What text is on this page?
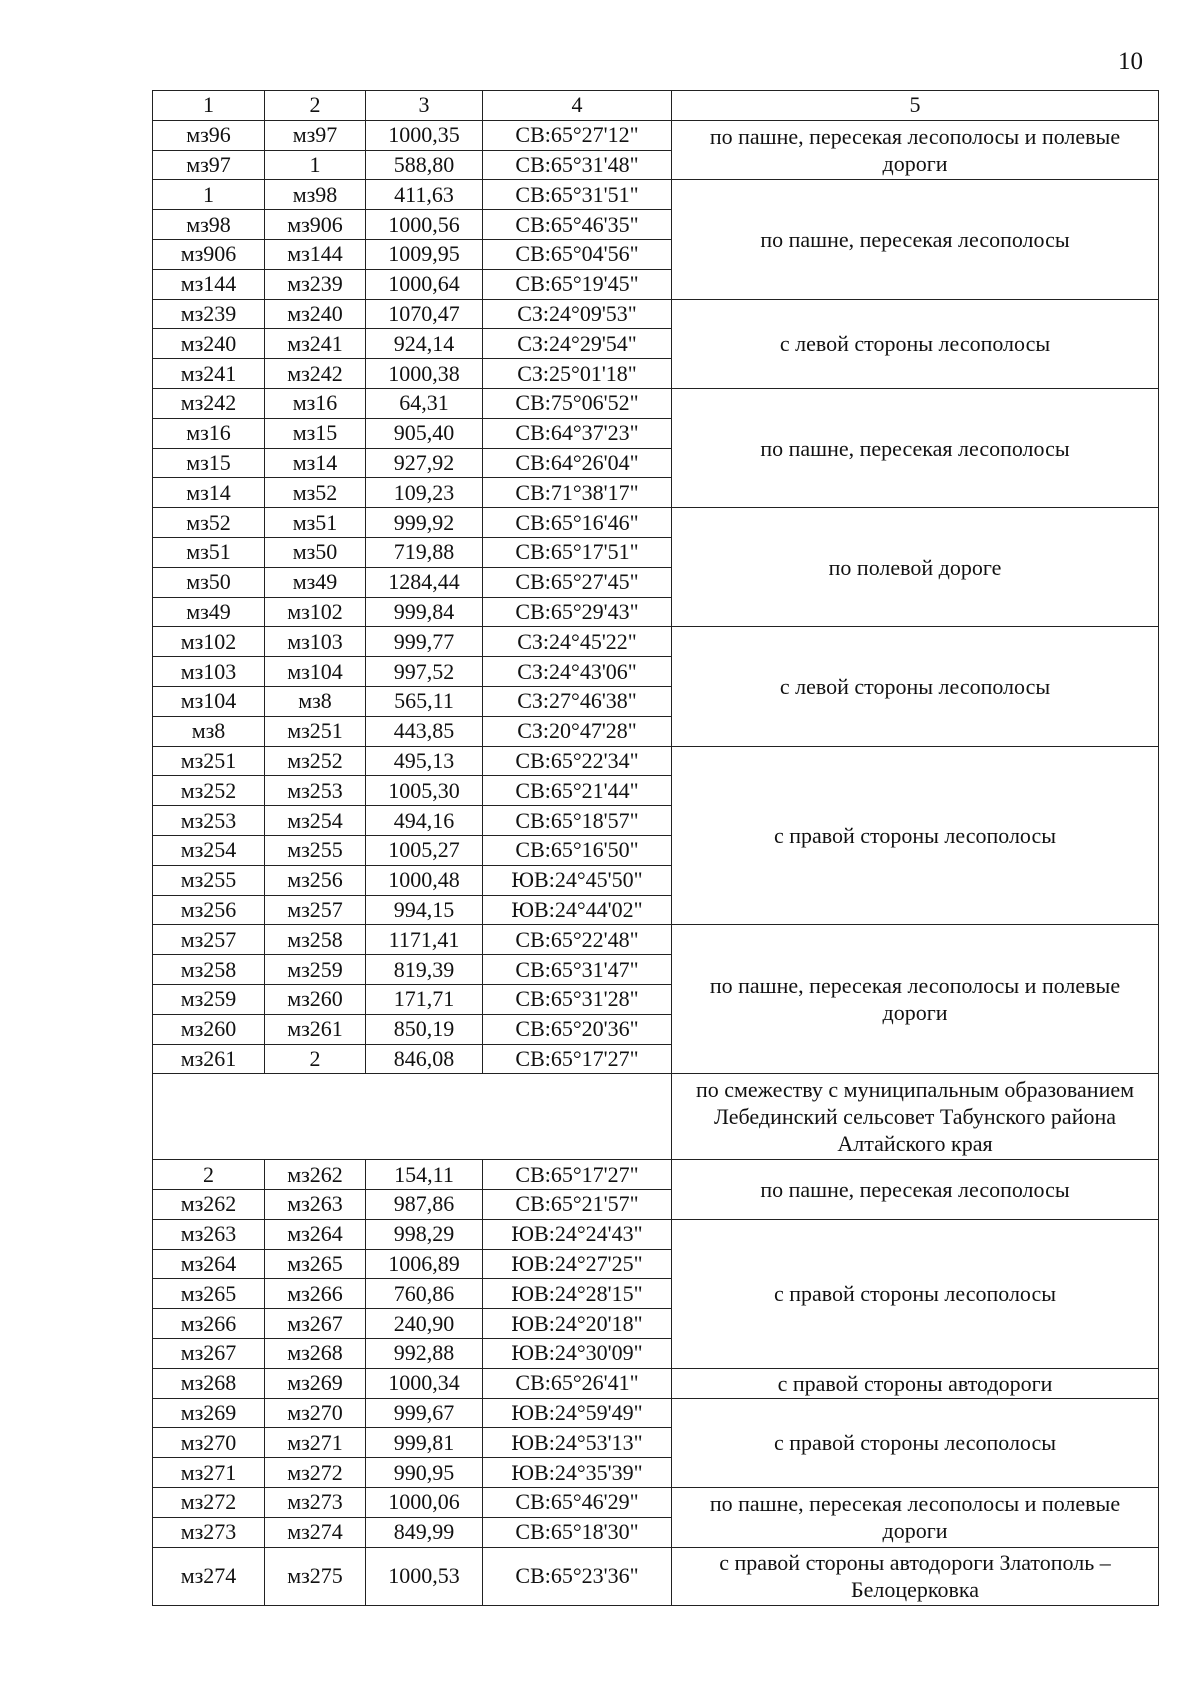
10
1	2	3	4	5
мз96	мз97	1000,35	СВ:65°27'12"	по пашне, пересекая лесополосы и полевые дороги
мз97	1	588,80	СВ:65°31'48"	
1	мз98	411,63	СВ:65°31'51"	по пашне, пересекая лесополосы
мз98	мз906	1000,56	СВ:65°46'35"	
мз906	мз144	1009,95	СВ:65°04'56"	
мз144	мз239	1000,64	СВ:65°19'45"	
мз239	мз240	1070,47	СЗ:24°09'53"	с левой стороны лесополосы
мз240	мз241	924,14	СЗ:24°29'54"	
мз241	мз242	1000,38	СЗ:25°01'18"	
мз242	мз16	64,31	СВ:75°06'52"	по пашне, пересекая лесополосы
мз16	мз15	905,40	СВ:64°37'23"	
мз15	мз14	927,92	СВ:64°26'04"	
мз14	мз52	109,23	СВ:71°38'17"	
мз52	мз51	999,92	СВ:65°16'46"	по полевой дороге
мз51	мз50	719,88	СВ:65°17'51"	
мз50	мз49	1284,44	СВ:65°27'45"	
мз49	мз102	999,84	СВ:65°29'43"	
мз102	мз103	999,77	СЗ:24°45'22"	с левой стороны лесополосы
мз103	мз104	997,52	СЗ:24°43'06"	
мз104	мз8	565,11	СЗ:27°46'38"	
мз8	мз251	443,85	СЗ:20°47'28"	
мз251	мз252	495,13	СВ:65°22'34"	с правой стороны лесополосы
мз252	мз253	1005,30	СВ:65°21'44"	
мз253	мз254	494,16	СВ:65°18'57"	
мз254	мз255	1005,27	СВ:65°16'50"	
мз255	мз256	1000,48	ЮВ:24°45'50"	
мз256	мз257	994,15	ЮВ:24°44'02"	
мз257	мз258	1171,41	СВ:65°22'48"	по пашне, пересекая лесополосы и полевые дороги
мз258	мз259	819,39	СВ:65°31'47"	
мз259	мз260	171,71	СВ:65°31'28"	
мз260	мз261	850,19	СВ:65°20'36"	
мз261	2	846,08	СВ:65°17'27"	
				по смежеству с муниципальным образованием Лебединский сельсовет Табунского района Алтайского края
2	мз262	154,11	СВ:65°17'27"	по пашне, пересекая лесополосы
мз262	мз263	987,86	СВ:65°21'57"	
мз263	мз264	998,29	ЮВ:24°24'43"	с правой стороны лесополосы
мз264	мз265	1006,89	ЮВ:24°27'25"	
мз265	мз266	760,86	ЮВ:24°28'15"	
мз266	мз267	240,90	ЮВ:24°20'18"	
мз267	мз268	992,88	ЮВ:24°30'09"	
мз268	мз269	1000,34	СВ:65°26'41"	с правой стороны автодороги
мз269	мз270	999,67	ЮВ:24°59'49"	с правой стороны лесополосы
мз270	мз271	999,81	ЮВ:24°53'13"	
мз271	мз272	990,95	ЮВ:24°35'39"	
мз272	мз273	1000,06	СВ:65°46'29"	по пашне, пересекая лесополосы и полевые дороги
мз273	мз274	849,99	СВ:65°18'30"	
мз274	мз275	1000,53	СВ:65°23'36"	с правой стороны автодороги Златополь – Белоцерковка
